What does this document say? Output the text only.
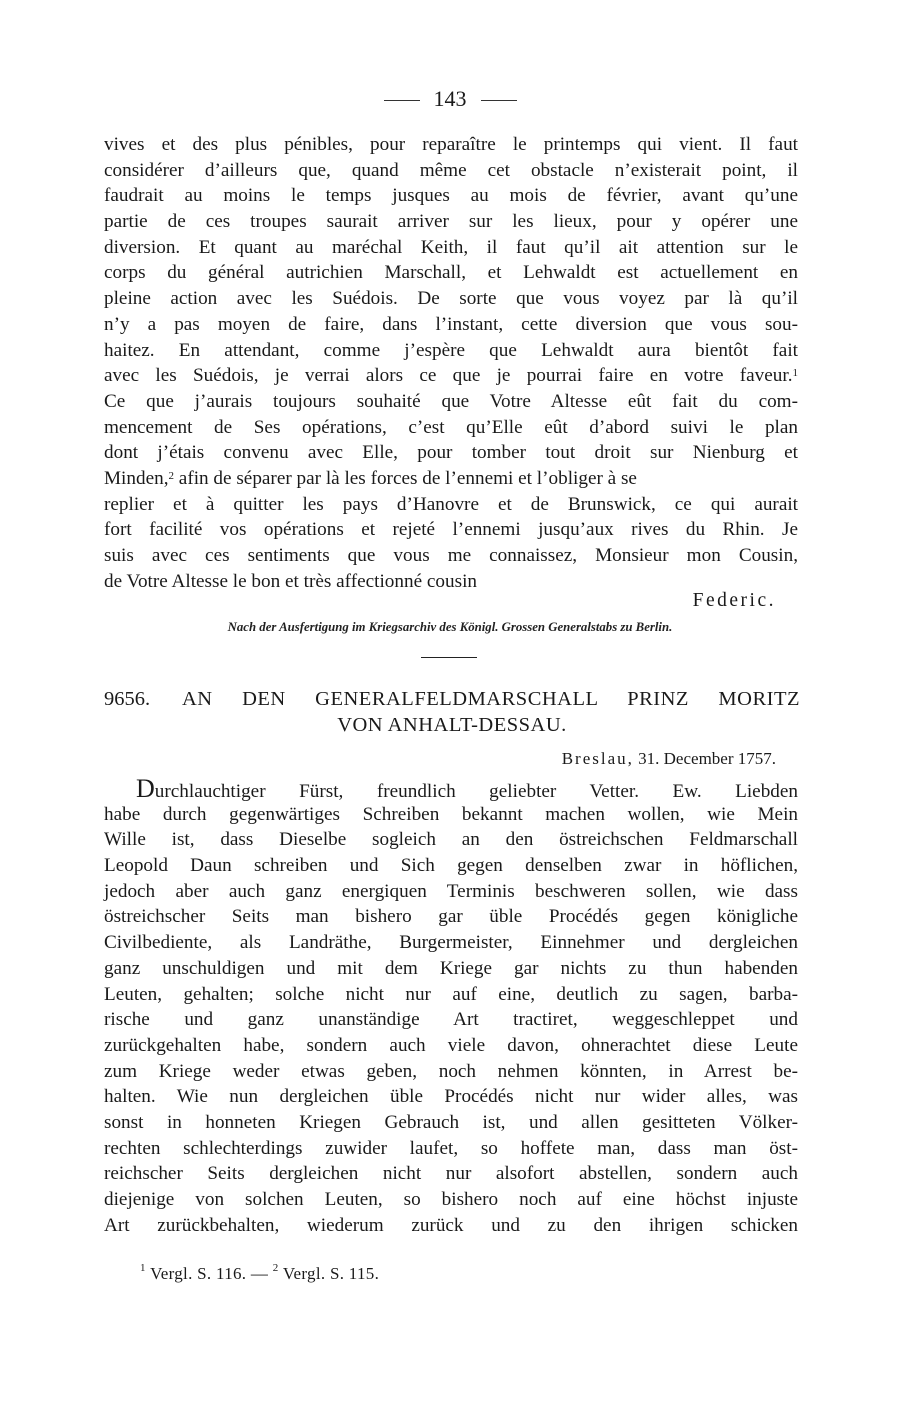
143
vives et des plus pénibles, pour reparaître le printemps qui vient. Il faut
considérer d’ailleurs que, quand même cet obstacle n’existerait point, il
faudrait au moins le temps jusques au mois de février, avant qu’une
partie de ces troupes saurait arriver sur les lieux, pour y opérer une
diversion. Et quant au maréchal Keith, il faut qu’il ait attention sur le
corps du général autrichien Marschall, et Lehwaldt est actuellement en
pleine action avec les Suédois. De sorte que vous voyez par là qu’il
n’y a pas moyen de faire, dans l’instant, cette diversion que vous sou-
haitez. En attendant, comme j’espère que Lehwaldt aura bientôt fait
avec les Suédois, je verrai alors ce que je pourrai faire en votre faveur.$^1$
Ce que j’aurais toujours souhaité que Votre Altesse eût fait du com-
mencement de Ses opérations, c’est qu’Elle eût d’abord suivi le plan
dont j’étais convenu avec Elle, pour tomber tout droit sur Nienburg et
Minden,$^2$ afin de séparer par là les forces de l’ennemi et l’obliger à se
replier et à quitter les pays d’Hanovre et de Brunswick, ce qui aurait
fort facilité vos opérations et rejeté l’ennemi jusqu’aux rives du Rhin. Je
suis avec ces sentiments que vous me connaissez, Monsieur mon Cousin,
de Votre Altesse le bon et très affectionné cousin
Federic.
Nach der Ausfertigung im Kriegsarchiv des Königl. Grossen Generalstabs zu Berlin.
9656. AN DEN GENERALFELDMARSCHALL PRINZ MORITZ
VON ANHALT-DESSAU.
Breslau, 31. December 1757.
Durchlauchtiger Fürst, freundlich geliebter Vetter. Ew. Liebden
habe durch gegenwärtiges Schreiben bekannt machen wollen, wie Mein
Wille ist, dass Dieselbe sogleich an den östreichschen Feldmarschall
Leopold Daun schreiben und Sich gegen denselben zwar in höflichen,
jedoch aber auch ganz energiquen Terminis beschweren sollen, wie dass
östreichscher Seits man bishero gar üble Procédés gegen königliche
Civilbediente, als Landräthe, Burgermeister, Einnehmer und dergleichen
ganz unschuldigen und mit dem Kriege gar nichts zu thun habenden
Leuten, gehalten; solche nicht nur auf eine, deutlich zu sagen, barba-
rische und ganz unanständige Art tractiret, weggeschleppet und
zurückgehalten habe, sondern auch viele davon, ohnerachtet diese Leute
zum Kriege weder etwas geben, noch nehmen könnten, in Arrest be-
halten. Wie nun dergleichen üble Procédés nicht nur wider alles, was
sonst in honneten Kriegen Gebrauch ist, und allen gesitteten Völker-
rechten schlechterdings zuwider laufet, so hoffete man, dass man öst-
reichscher Seits dergleichen nicht nur alsofort abstellen, sondern auch
diejenige von solchen Leuten, so bishero noch auf eine höchst injuste
Art zurückbehalten, wiederum zurück und zu den ihrigen schicken
$^1$ Vergl. S. 116. — $^2$ Vergl. S. 115.
